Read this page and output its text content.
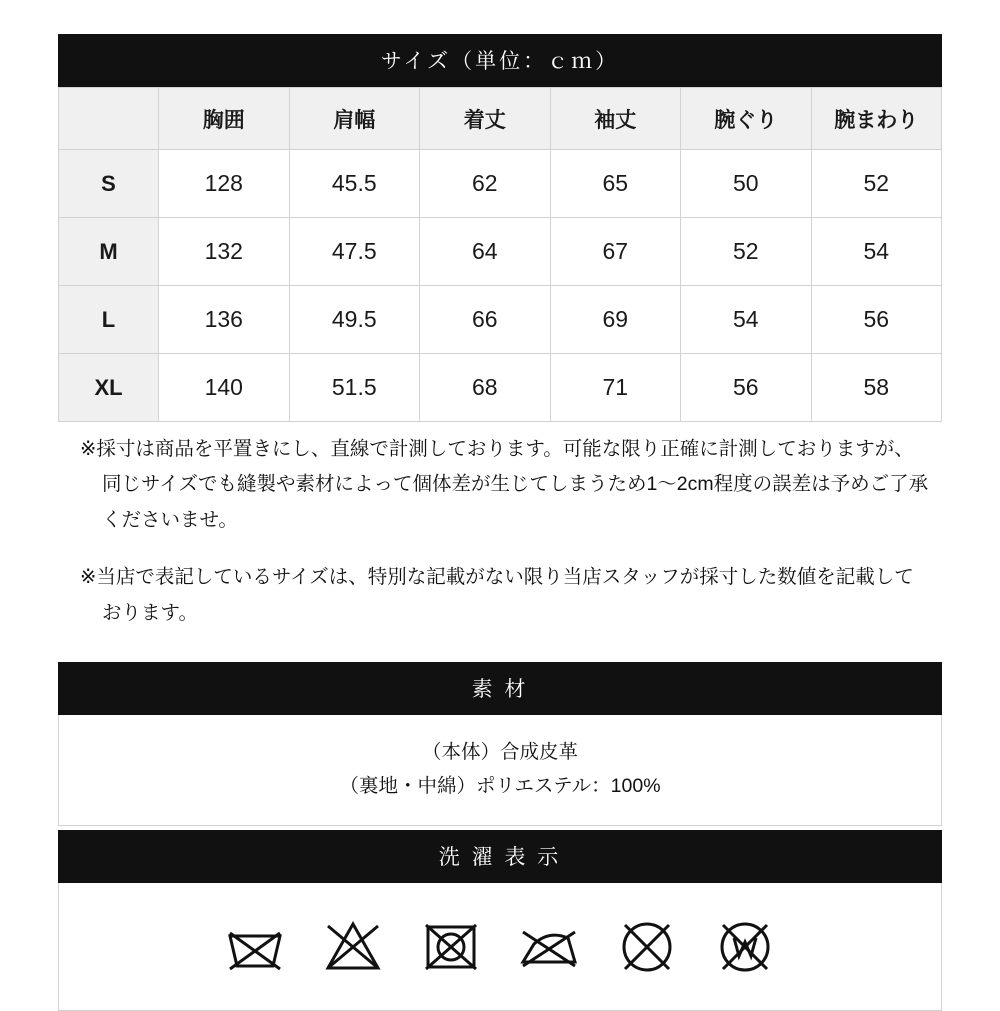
サイズ（単位：ｃｍ）
	胸囲	肩幅	着丈	袖丈	腕ぐり	腕まわり
S	128	45.5	62	65	50	52
M	132	47.5	64	67	52	54
L	136	49.5	66	69	54	56
XL	140	51.5	68	71	56	58

※採寸は商品を平置きにし、直線で計測しております。可能な限り正確に計測しておりますが、同じサイズでも縫製や素材によって個体差が生じてしまうため1〜2cm程度の誤差は予めご了承くださいませ。

※当店で表記しているサイズは、特別な記載がない限り当店スタッフが採寸した数値を記載しております。

素 材
（本体）合成皮革
（裏地・中綿）ポリエステル：100%
洗 濯 表 示
